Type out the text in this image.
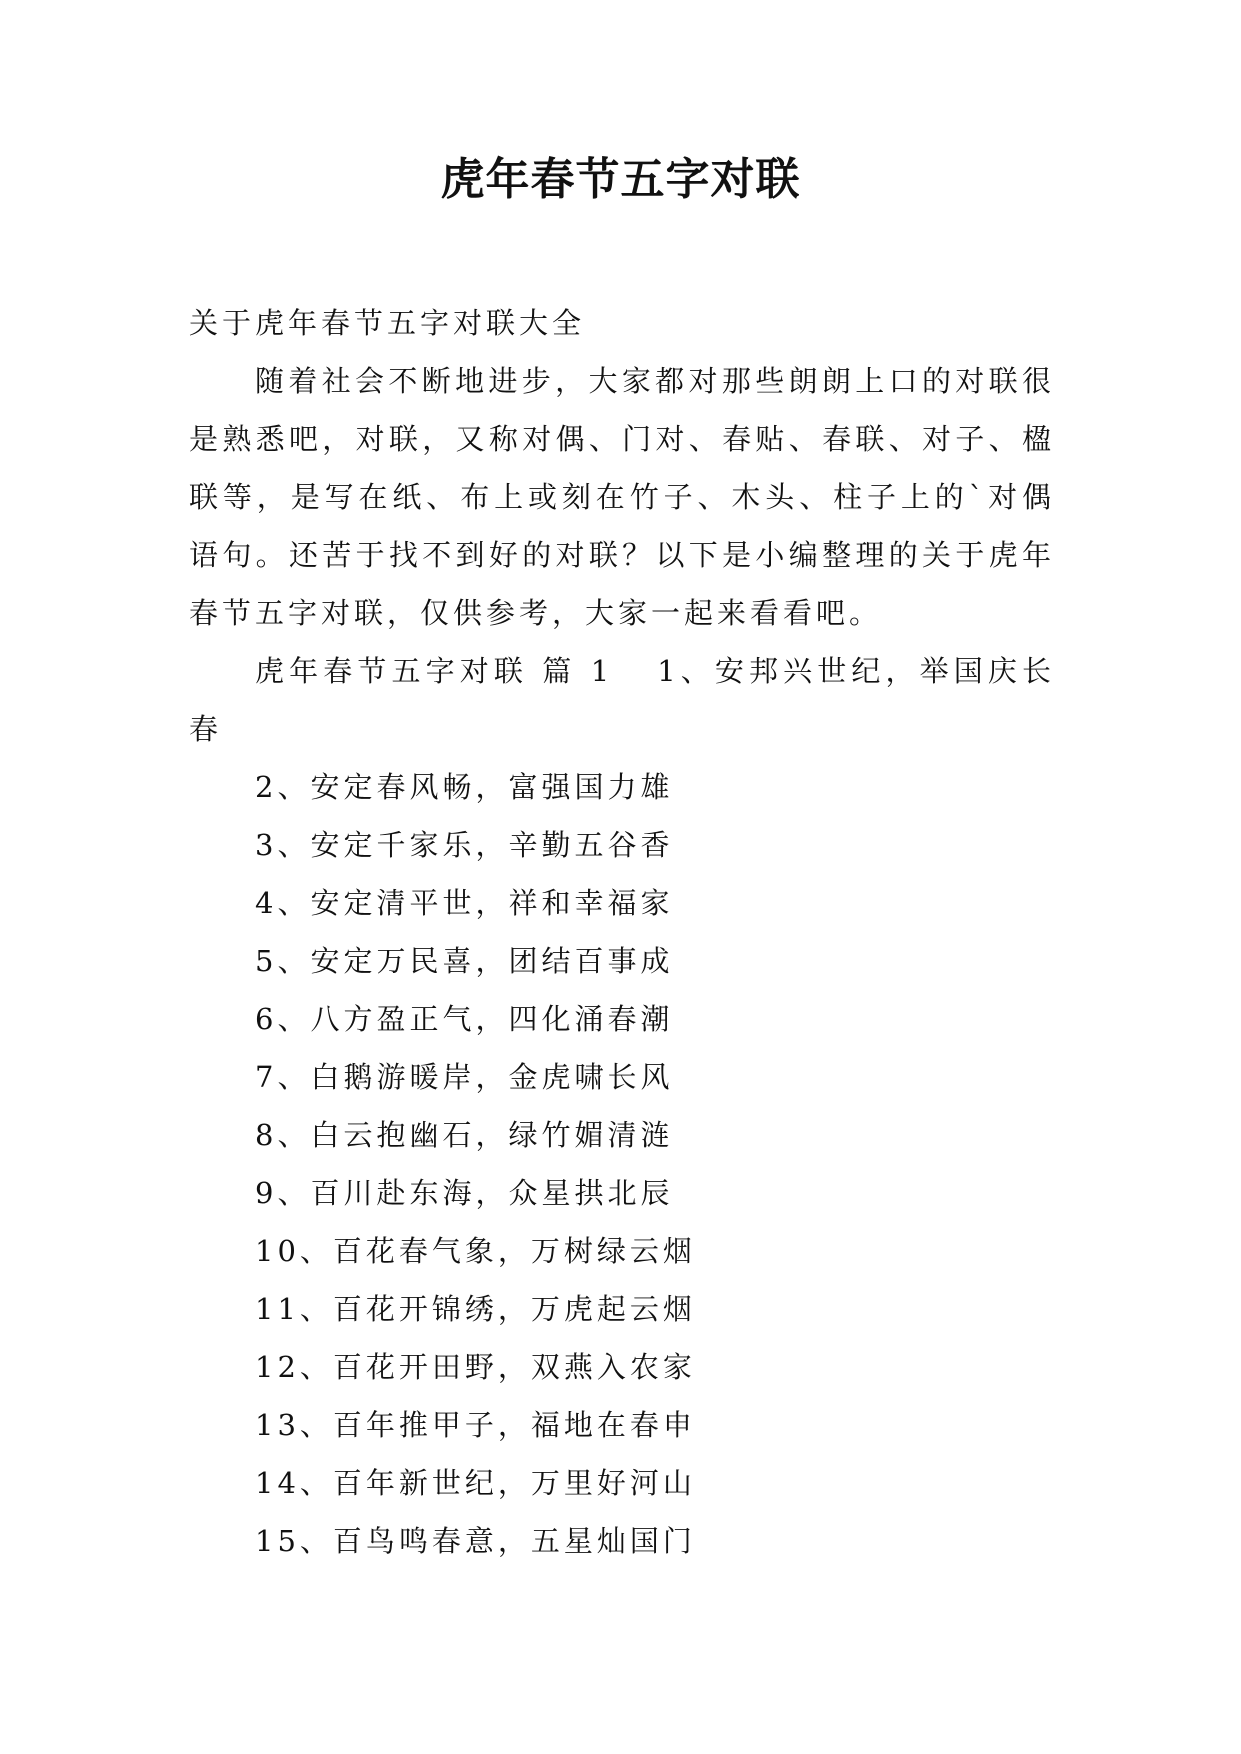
虎年春节五字对联

关于虎年春节五字对联大全

随着社会不断地进步，大家都对那些朗朗上口的对联很是熟悉吧，对联，又称对偶、门对、春贴、春联、对子、楹联等，是写在纸、布上或刻在竹子、木头、柱子上的`对偶语句。还苦于找不到好的对联？以下是小编整理的关于虎年春节五字对联，仅供参考，大家一起来看看吧。

虎年春节五字对联 篇 1 1、安邦兴世纪，举国庆长春

2、安定春风畅，富强国力雄
3、安定千家乐，辛勤五谷香
4、安定清平世，祥和幸福家
5、安定万民喜，团结百事成
6、八方盈正气，四化涌春潮
7、白鹅游暖岸，金虎啸长风
8、白云抱幽石，绿竹媚清涟
9、百川赴东海，众星拱北辰
10、百花春气象，万树绿云烟
11、百花开锦绣，万虎起云烟
12、百花开田野，双燕入农家
13、百年推甲子，福地在春申
14、百年新世纪，万里好河山
15、百鸟鸣春意，五星灿国门
